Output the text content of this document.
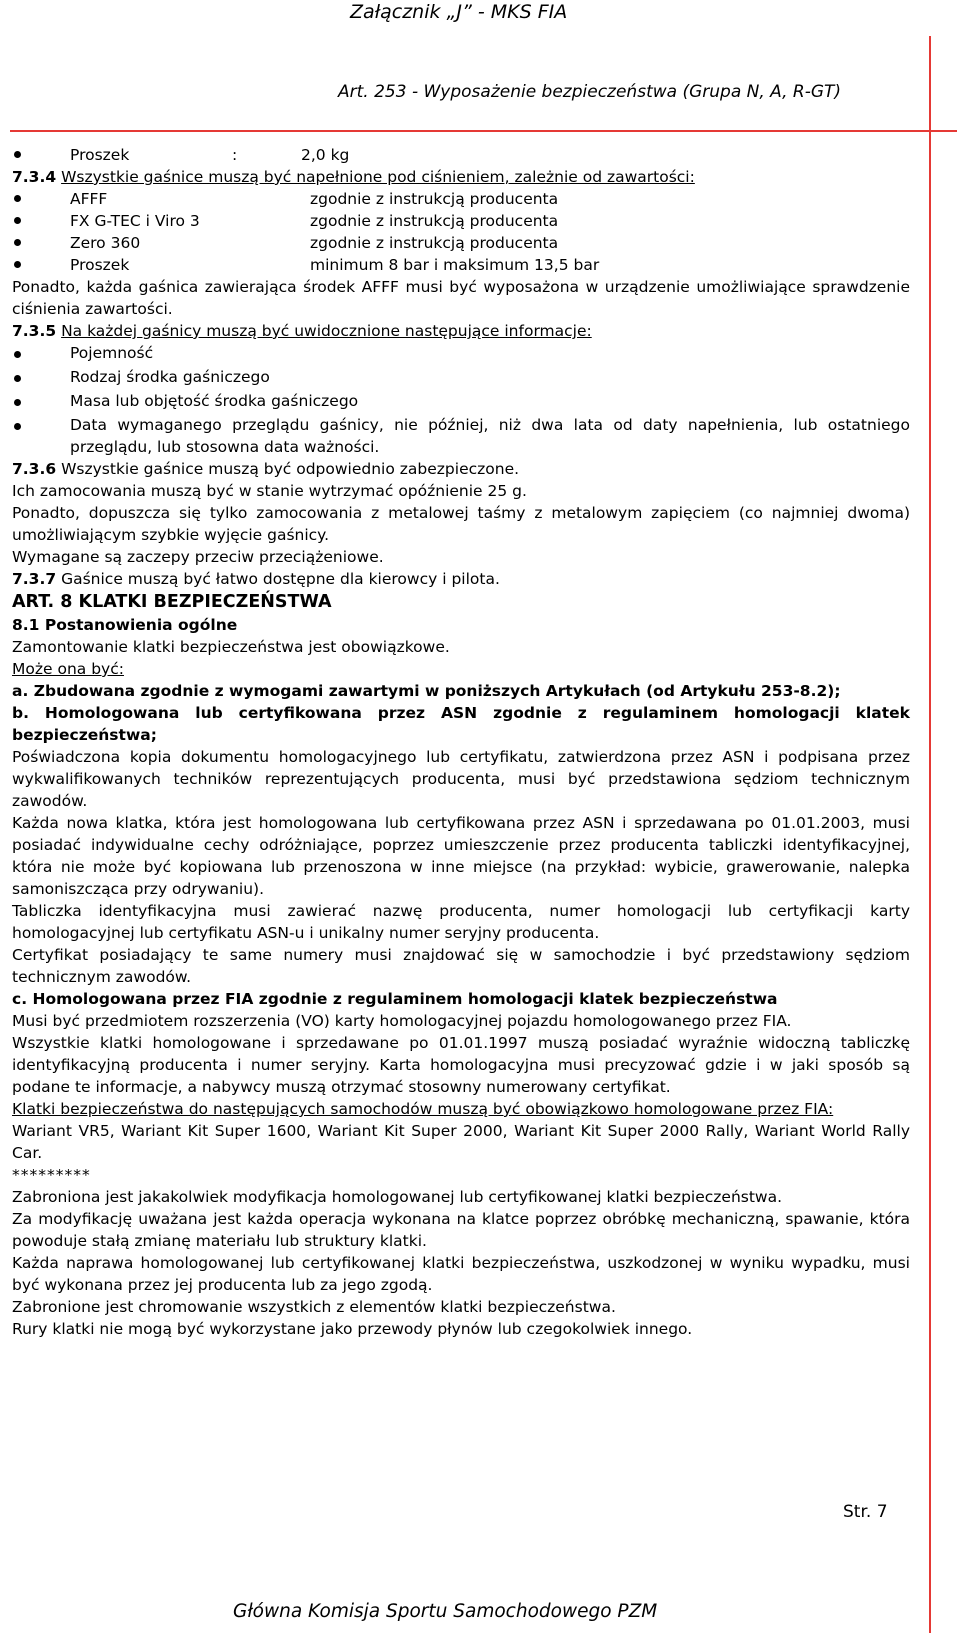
Załącznik „J” - MKS FIA
Art. 253 - Wyposażenie bezpieczeństwa (Grupa N, A, R-GT)
Proszek	:	2,0 kg

7.3.4 Wszystkie gaśnice muszą być napełnione pod ciśnieniem, zależnie od zawartości:

AFFF	zgodnie z instrukcją producenta
FX G-TEC i Viro 3	zgodnie z instrukcją producenta
Zero 360	zgodnie z instrukcją producenta
Proszek	minimum 8 bar i maksimum 13,5 bar

Ponadto, każda gaśnica zawierająca środek AFFF musi być wyposażona w urządzenie umożliwiające sprawdzenie ciśnienia zawartości.

7.3.5 Na każdej gaśnicy muszą być uwidocznione następujące informacje:

Pojemność
Rodzaj środka gaśniczego
Masa lub objętość środka gaśniczego
Data wymaganego przeglądu gaśnicy, nie później, niż dwa lata od daty napełnienia, lub ostatniego przeglądu, lub stosowna data ważności.

7.3.6 Wszystkie gaśnice muszą być odpowiednio zabezpieczone.

Ich zamocowania muszą być w stanie wytrzymać opóźnienie 25 g.

Ponadto, dopuszcza się tylko zamocowania z metalowej taśmy z metalowym zapięciem (co najmniej dwoma) umożliwiającym szybkie wyjęcie gaśnicy.

Wymagane są zaczepy przeciw przeciążeniowe.

7.3.7 Gaśnice muszą być łatwo dostępne dla kierowcy i pilota.

ART. 8 KLATKI BEZPIECZEŃSTWA

8.1 Postanowienia ogólne

Zamontowanie klatki bezpieczeństwa jest obowiązkowe.

Może ona być:

a. Zbudowana zgodnie z wymogami zawartymi w poniższych Artykułach (od Artykułu 253-8.2);

b. Homologowana lub certyfikowana przez ASN zgodnie z regulaminem homologacji klatek bezpieczeństwa;

Poświadczona kopia dokumentu homologacyjnego lub certyfikatu, zatwierdzona przez ASN i podpisana przez wykwalifikowanych techników reprezentujących producenta, musi być przedstawiona sędziom technicznym zawodów.

Każda nowa klatka, która jest homologowana lub certyfikowana przez ASN i sprzedawana po 01.01.2003, musi posiadać indywidualne cechy odróżniające, poprzez umieszczenie przez producenta tabliczki identyfikacyjnej, która nie może być kopiowana lub przenoszona w inne miejsce (na przykład: wybicie, grawerowanie, nalepka samoniszcząca przy odrywaniu).

Tabliczka identyfikacyjna musi zawierać nazwę producenta, numer homologacji lub certyfikacji karty homologacyjnej lub certyfikatu ASN-u i unikalny numer seryjny producenta.

Certyfikat posiadający te same numery musi znajdować się w samochodzie i być przedstawiony sędziom technicznym zawodów.

c. Homologowana przez FIA zgodnie z regulaminem homologacji klatek bezpieczeństwa

Musi być przedmiotem rozszerzenia (VO) karty homologacyjnej pojazdu homologowanego przez FIA.

Wszystkie klatki homologowane i sprzedawane po 01.01.1997 muszą posiadać wyraźnie widoczną tabliczkę identyfikacyjną producenta i numer seryjny. Karta homologacyjna musi precyzować gdzie i w jaki sposób są podane te informacje, a nabywcy muszą otrzymać stosowny numerowany certyfikat.

Klatki bezpieczeństwa do następujących samochodów muszą być obowiązkowo homologowane przez FIA:

Wariant VR5, Wariant Kit Super 1600, Wariant Kit Super 2000, Wariant Kit Super 2000 Rally, Wariant World Rally Car.

*********

Zabroniona jest jakakolwiek modyfikacja homologowanej lub certyfikowanej klatki bezpieczeństwa.

Za modyfikację uważana jest każda operacja wykonana na klatce poprzez obróbkę mechaniczną, spawanie, która powoduje stałą zmianę materiału lub struktury klatki.

Każda naprawa homologowanej lub certyfikowanej klatki bezpieczeństwa, uszkodzonej w wyniku wypadku, musi być wykonana przez jej producenta lub za jego zgodą.

Zabronione jest chromowanie wszystkich z elementów klatki bezpieczeństwa.

Rury klatki nie mogą być wykorzystane jako przewody płynów lub czegokolwiek innego.

Str. 7
Główna Komisja Sportu Samochodowego PZM
